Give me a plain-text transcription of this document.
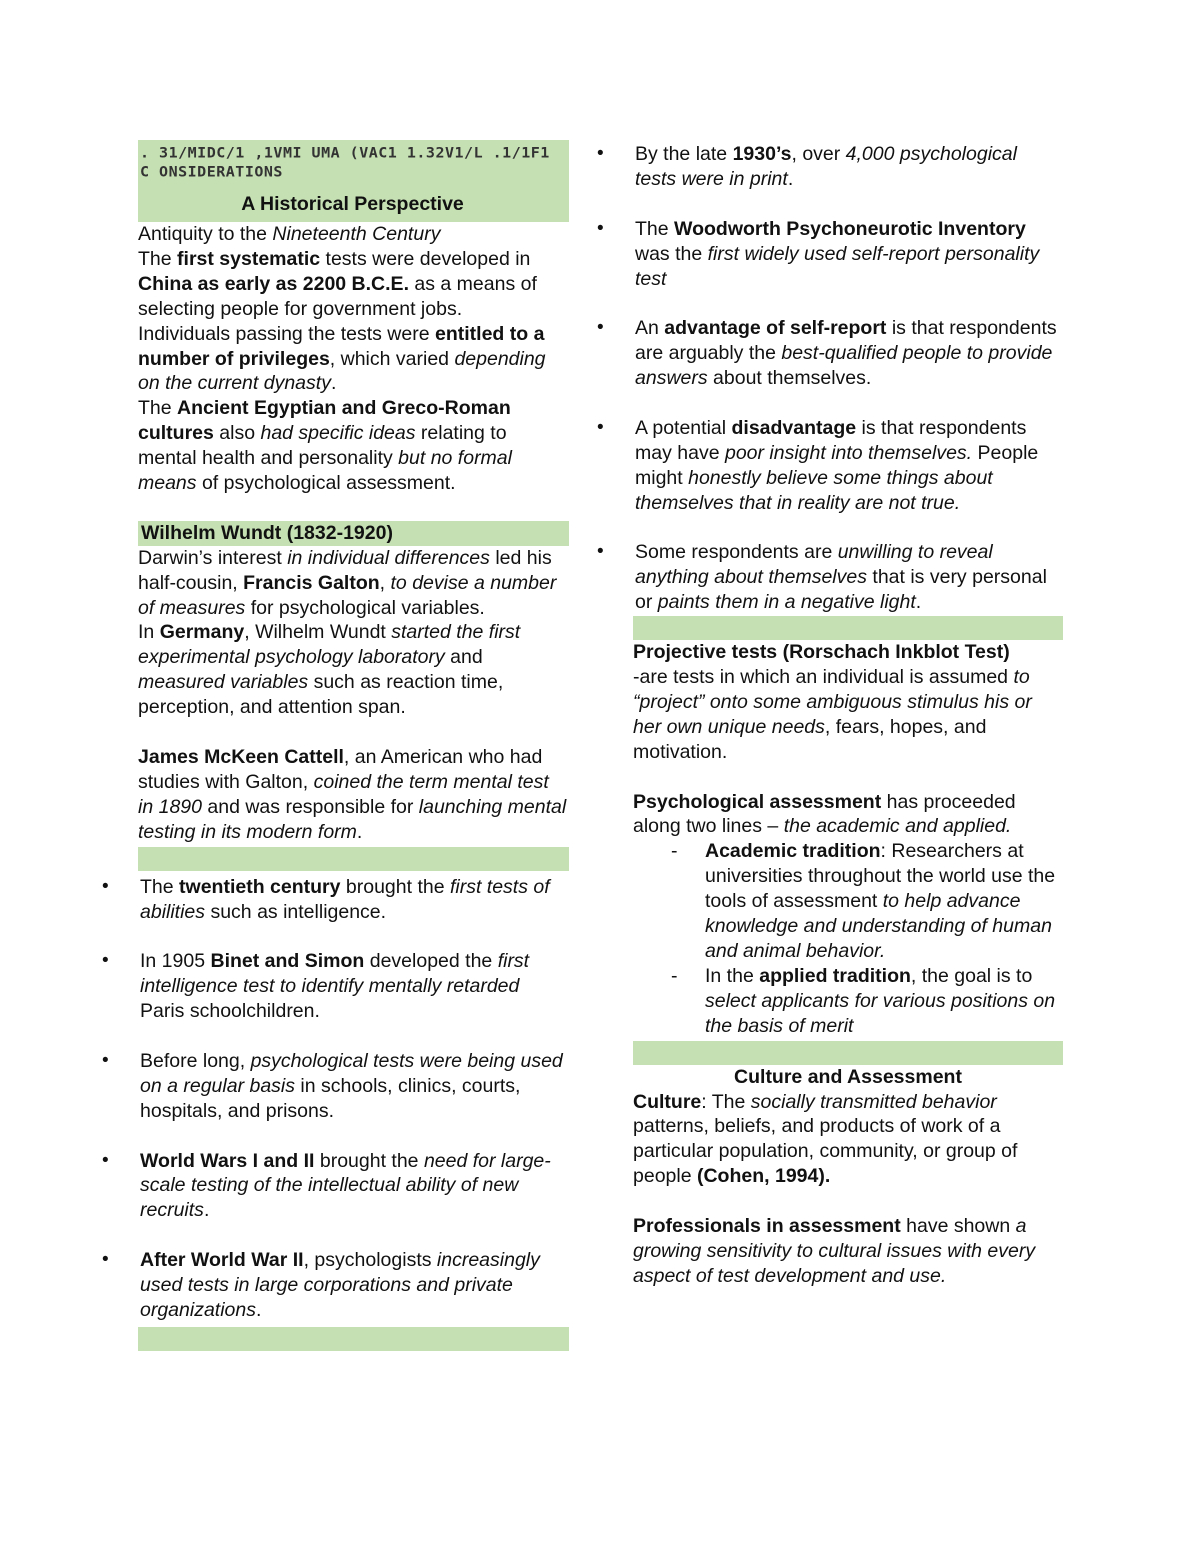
. 31/MIDC/1 ,1VMI UMA (VAC1 1.32V1/L .1/1F1 C ONSIDERATIONS
A Historical Perspective

Antiquity to the Nineteenth Century

The first systematic tests were developed in China as early as 2200 B.C.E. as a means of selecting people for government jobs.

Individuals passing the tests were entitled to a number of privileges, which varied depending on the current dynasty.

The Ancient Egyptian and Greco-Roman cultures also had specific ideas relating to mental health and personality but no formal means of psychological assessment.

Wilhelm Wundt (1832-1920)

Darwin’s interest in individual differences led his half-cousin, Francis Galton, to devise a number of measures for psychological variables.

In Germany, Wilhelm Wundt started the first experimental psychology laboratory and measured variables such as reaction time, perception, and attention span.

James McKeen Cattell, an American who had studies with Galton, coined the term mental test in 1890 and was responsible for launching mental testing in its modern form.

• The twentieth century brought the first tests of abilities such as intelligence.
• In 1905 Binet and Simon developed the first intelligence test to identify mentally retarded Paris schoolchildren.
• Before long, psychological tests were being used on a regular basis in schools, clinics, courts, hospitals, and prisons.
• World Wars I and II brought the need for large-scale testing of the intellectual ability of new recruits.
• After World War II, psychologists increasingly used tests in large corporations and private organizations.
• By the late 1930’s, over 4,000 psychological tests were in print.
• The Woodworth Psychoneurotic Inventory was the first widely used self-report personality test
• An advantage of self-report is that respondents are arguably the best-qualified people to provide answers about themselves.
• A potential disadvantage is that respondents may have poor insight into themselves. People might honestly believe some things about themselves that in reality are not true.
• Some respondents are unwilling to reveal anything about themselves that is very personal or paints them in a negative light.

Projective tests (Rorschach Inkblot Test)

-are tests in which an individual is assumed to “project” onto some ambiguous stimulus his or her own unique needs, fears, hopes, and motivation.

Psychological assessment has proceeded along two lines – the academic and applied.

- Academic tradition: Researchers at universities throughout the world use the tools of assessment to help advance knowledge and understanding of human and animal behavior.
- In the applied tradition, the goal is to select applicants for various positions on the basis of merit

Culture and Assessment

Culture: The socially transmitted behavior patterns, beliefs, and products of work of a particular population, community, or group of people (Cohen, 1994).

Professionals in assessment have shown a growing sensitivity to cultural issues with every aspect of test development and use.
